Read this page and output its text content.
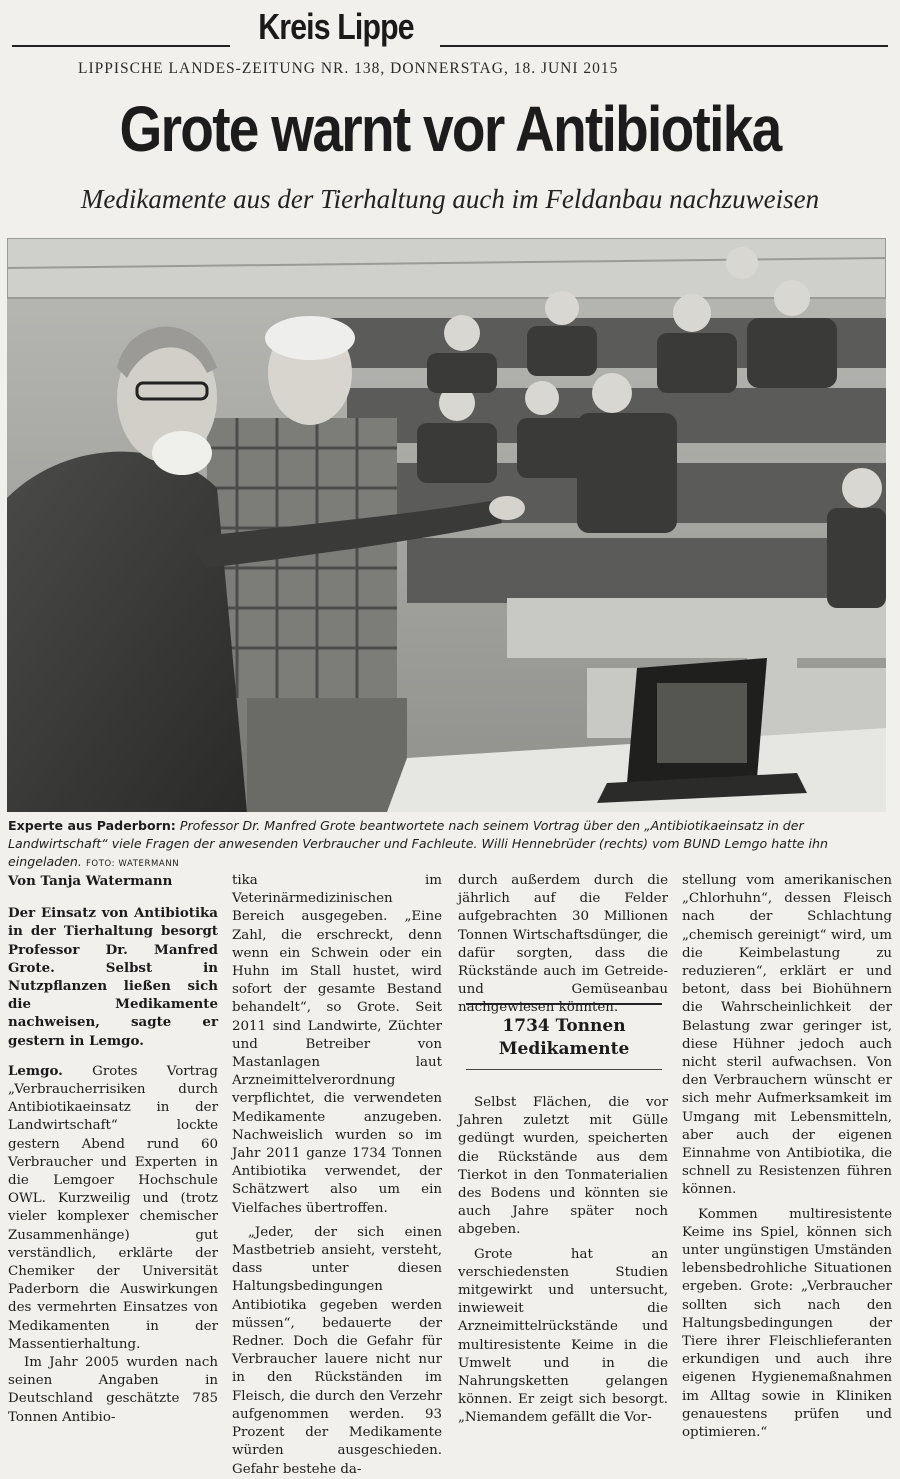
Kreis Lippe
LIPPISCHE LANDES-ZEITUNG NR. 138, DONNERSTAG, 18. JUNI 2015
Grote warnt vor Antibiotika
Medikamente aus der Tierhaltung auch im Feldanbau nachzuweisen
Experte aus Paderborn: Professor Dr. Manfred Grote beantwortete nach seinem Vortrag über den „Antibiotikaeinsatz in der Landwirtschaft“ viele Fragen der anwesenden Verbraucher und Fachleute. Willi Hennebrüder (rechts) vom BUND Lemgo hatte ihn eingeladen. FOTO: WATERMANN

Von Tanja Watermann

Der Einsatz von Antibiotika in der Tierhaltung besorgt Professor Dr. Manfred Grote. Selbst in Nutzpflanzen ließen sich die Medikamente nachweisen, sagte er gestern in Lemgo.

Lemgo. Grotes Vortrag „Verbraucherrisiken durch Antibiotikaeinsatz in der Landwirtschaft“ lockte gestern Abend rund 60 Verbraucher und Experten in die Lemgoer Hochschule OWL. Kurzweilig und (trotz vieler komplexer chemischer Zusammenhänge) gut verständlich, erklärte der Chemiker der Universität Paderborn die Auswirkungen des vermehrten Einsatzes von Medikamenten in der Massentierhaltung.

Im Jahr 2005 wurden nach seinen Angaben in Deutschland geschätzte 785 Tonnen Antibio-

tika im Veterinärmedizinischen Bereich ausgegeben. „Eine Zahl, die erschreckt, denn wenn ein Schwein oder ein Huhn im Stall hustet, wird sofort der gesamte Bestand behandelt“, so Grote. Seit 2011 sind Landwirte, Züchter und Betreiber von Mastanlagen laut Arzneimittelverordnung verpflichtet, die verwendeten Medikamente anzugeben. Nachweislich wurden so im Jahr 2011 ganze 1734 Tonnen Antibiotika verwendet, der Schätzwert also um ein Vielfaches übertroffen.

„Jeder, der sich einen Mastbetrieb ansieht, versteht, dass unter diesen Haltungsbedingungen Antibiotika gegeben werden müssen“, bedauerte der Redner. Doch die Gefahr für Verbraucher lauere nicht nur in den Rückständen im Fleisch, die durch den Verzehr aufgenommen werden. 93 Prozent der Medikamente würden ausgeschieden. Gefahr bestehe da-

durch außerdem durch die jährlich auf die Felder aufgebrachten 30 Millionen Tonnen Wirtschaftsdünger, die dafür sorgten, dass die Rückstände auch im Getreide- und Gemüseanbau nachgewiesen könnten.

1734 Tonnen Medikamente

Selbst Flächen, die vor Jahren zuletzt mit Gülle gedüngt wurden, speicherten die Rückstände aus dem Tierkot in den Tonmaterialien des Bodens und könnten sie auch Jahre später noch abgeben.

Grote hat an verschiedensten Studien mitgewirkt und untersucht, inwieweit die Arzneimittelrückstände und multiresistente Keime in die Umwelt und in die Nahrungsketten gelangen können. Er zeigt sich besorgt. „Niemandem gefällt die Vor-

stellung vom amerikanischen „Chlorhuhn“, dessen Fleisch nach der Schlachtung „chemisch gereinigt“ wird, um die Keimbelastung zu reduzieren“, erklärt er und betont, dass bei Biohühnern die Wahrscheinlichkeit der Belastung zwar geringer ist, diese Hühner jedoch auch nicht steril aufwachsen. Von den Verbrauchern wünscht er sich mehr Aufmerksamkeit im Umgang mit Lebensmitteln, aber auch der eigenen Einnahme von Antibiotika, die schnell zu Resistenzen führen können.

Kommen multiresistente Keime ins Spiel, können sich unter ungünstigen Umständen lebensbedrohliche Situationen ergeben. Grote: „Verbraucher sollten sich nach den Haltungsbedingungen der Tiere ihrer Fleischlieferanten erkundigen und auch ihre eigenen Hygienemaßnahmen im Alltag sowie in Kliniken genauestens prüfen und optimieren.“
